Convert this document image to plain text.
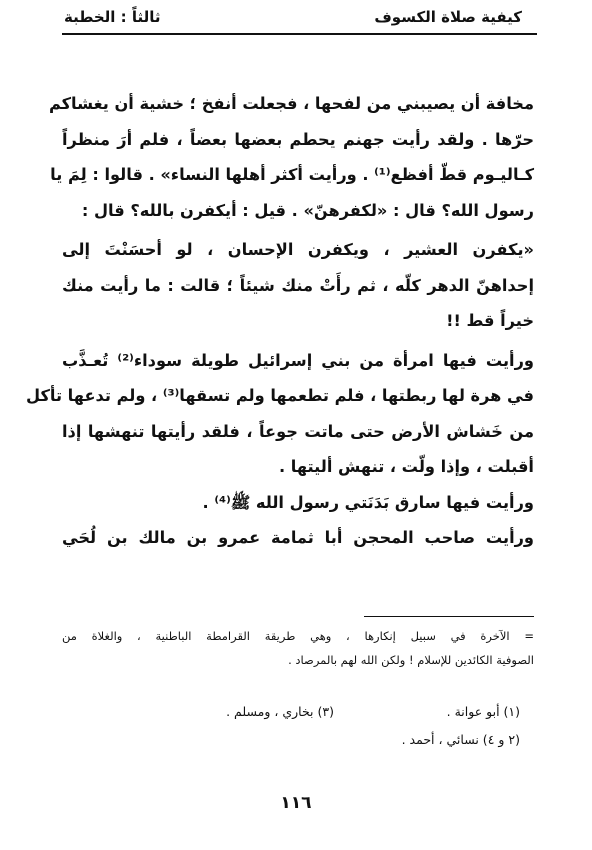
كيفية صلاة الكسوف
ثالثاً : الخطبة
مخافة أن يصيبني من لفحها ، فجعلت أنفخ ؛ خشية أن يغشاكم
حرّها . ولقد رأيت جهنم يحطم بعضها بعضاً ، فلم أرَ منظراً
كـاليـوم قطّ أفظع⁽¹⁾ . ورأيت أكثر أهلها النساء» . قالوا : لِمَ يا
رسول الله؟ قال : «لكفرهنّ» . قيل : أيكفرن بالله؟ قال :
«يكفرن العشير ، ويكفرن الإحسان ، لو أحسَنْتَ إلى
إحداهنّ الدهر كلّه ، ثم رأَتْ منك شيئاً ؛ قالت : ما رأيت منك
خيراً قط !!
ورأيت فيها امرأة من بني إسرائيل طويلة سوداء⁽²⁾ تُعـذَّب
في هرة لها ربطتها ، فلم تطعمها ولم تسقها⁽³⁾ ، ولم تدعها تأكل
من خَشاش الأرض حتى ماتت جوعاً ، فلقد رأيتها تنهشها إذا
أقبلت ، وإذا ولّت ، تنهش أليتها .
ورأيت فيها سارق بَدَنَتي رسول الله ﷺ⁽⁴⁾ .
ورأيت صاحب المحجن أبا ثمامة عمرو بن مالك بن لُحَي
= الآخرة في سبيل إنكارها ، وهي طريقة القرامطة الباطنية ، والغلاة من
الصوفية الكائدين للإسلام ! ولكن الله لهم بالمرصاد .
(١) أبو عوانة .
(٣) بخاري ، ومسلم .
(٢ و ٤) نسائي ، أحمد .
١١٦
